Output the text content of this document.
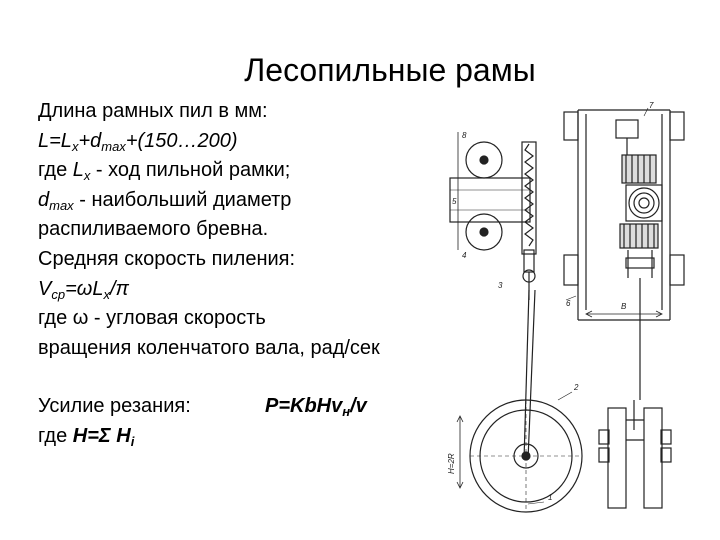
Лесопильные рамы
Длина рамных пил в мм:
$L=L_x+d_{max}+(150\dots 200)$
где $L_x$ - ход пильной рамки;
$d_{max}$ - наибольший диаметр
распиливаемого бревна.
Средняя скорость пиления:
$V_{ср}=\omega L_x/\pi$
где ω - угловая скорость
вращения коленчатого вала, рад/сек
Усилие резания:	P=KbHv$_н$/v
где H=Σ $H_i$
7
8
5
4
3
2
1
6	B
H=2R
